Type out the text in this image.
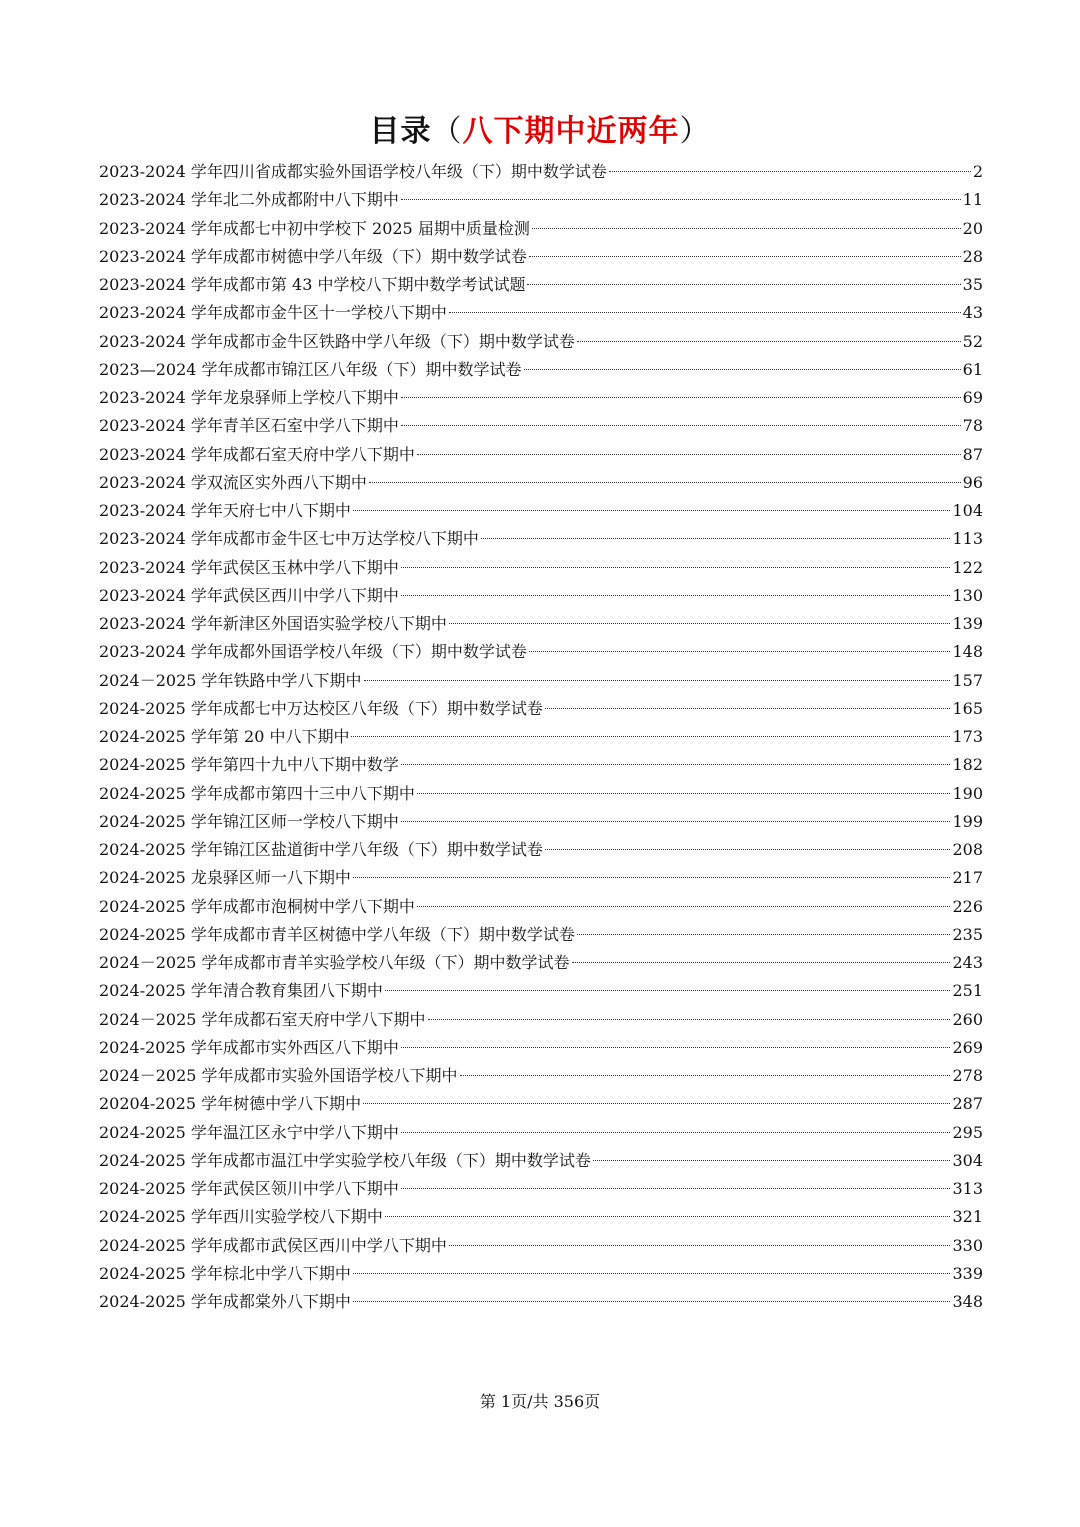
目录（八下期中近两年）
2023-2024 学年四川省成都实验外国语学校八年级（下）期中数学试卷	2
2023-2024 学年北二外成都附中八下期中	11
2023-2024 学年成都七中初中学校下 2025 届期中质量检测	20
2023-2024 学年成都市树德中学八年级（下）期中数学试卷	28
2023-2024 学年成都市第 43 中学校八下期中数学考试试题	35
2023-2024 学年成都市金牛区十一学校八下期中	43
2023-2024 学年成都市金牛区铁路中学八年级（下）期中数学试卷	52
2023—2024 学年成都市锦江区八年级（下）期中数学试卷	61
2023-2024 学年龙泉驿师上学校八下期中	69
2023-2024 学年青羊区石室中学八下期中	78
2023-2024 学年成都石室天府中学八下期中	87
2023-2024 学双流区实外西八下期中	96
2023-2024 学年天府七中八下期中	104
2023-2024 学年成都市金牛区七中万达学校八下期中	113
2023-2024 学年武侯区玉林中学八下期中	122
2023-2024 学年武侯区西川中学八下期中	130
2023-2024 学年新津区外国语实验学校八下期中	139
2023-2024 学年成都外国语学校八年级（下）期中数学试卷	148
2024－2025 学年铁路中学八下期中	157
2024-2025 学年成都七中万达校区八年级（下）期中数学试卷	165
2024-2025 学年第 20 中八下期中	173
2024-2025 学年第四十九中八下期中数学	182
2024-2025 学年成都市第四十三中八下期中	190
2024-2025 学年锦江区师一学校八下期中	199
2024-2025 学年锦江区盐道街中学八年级（下）期中数学试卷	208
2024-2025 龙泉驿区师一八下期中	217
2024-2025 学年成都市泡桐树中学八下期中	226
2024-2025 学年成都市青羊区树德中学八年级（下）期中数学试卷	235
2024－2025 学年成都市青羊实验学校八年级（下）期中数学试卷	243
2024-2025 学年清合教育集团八下期中	251
2024－2025 学年成都石室天府中学八下期中	260
2024-2025 学年成都市实外西区八下期中	269
2024－2025 学年成都市实验外国语学校八下期中	278
20204-2025 学年树德中学八下期中	287
2024-2025 学年温江区永宁中学八下期中	295
2024-2025 学年成都市温江中学实验学校八年级（下）期中数学试卷	304
2024-2025 学年武侯区领川中学八下期中	313
2024-2025 学年西川实验学校八下期中	321
2024-2025 学年成都市武侯区西川中学八下期中	330
2024-2025 学年棕北中学八下期中	339
2024-2025 学年成都棠外八下期中	348
第 1页/共 356页
